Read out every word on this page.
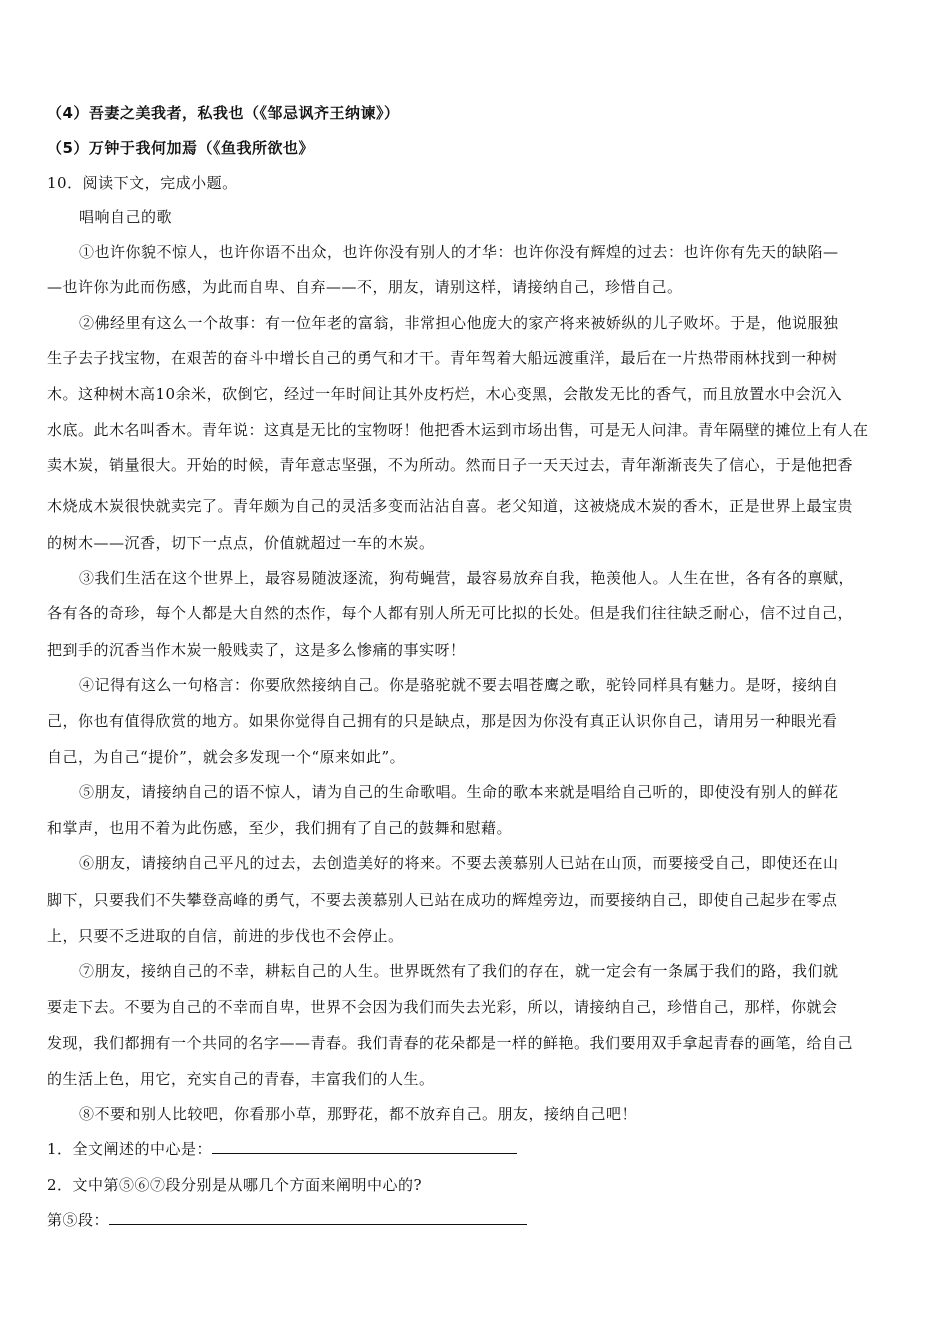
（4）吾妻之美我者，私我也（《邹忌讽齐王纳谏》）
（5）万钟于我何加焉（《鱼我所欲也》
10．阅读下文，完成小题。
唱响自己的歌
①也许你貌不惊人，也许你语不出众，也许你没有别人的才华：也许你没有辉煌的过去：也许你有先天的缺陷—
—也许你为此而伤感，为此而自卑、自弃——不，朋友，请别这样，请接纳自己，珍惜自己。
②佛经里有这么一个故事：有一位年老的富翁，非常担心他庞大的家产将来被娇纵的儿子败坏。于是，他说服独
生子去子找宝物，在艰苦的奋斗中增长自己的勇气和才干。青年驾着大船远渡重洋，最后在一片热带雨林找到一种树
木。这种树木高10余米，砍倒它，经过一年时间让其外皮朽烂，木心变黑，会散发无比的香气，而且放置水中会沉入
水底。此木名叫香木。青年说：这真是无比的宝物呀！他把香木运到市场出售，可是无人问津。青年隔壁的摊位上有人在
卖木炭，销量很大。开始的时候，青年意志坚强，不为所动。然而日子一天天过去，青年渐渐丧失了信心，于是他把香
木烧成木炭很快就卖完了。青年颇为自己的灵活多变而沾沾自喜。老父知道，这被烧成木炭的香木，正是世界上最宝贵
的树木——沉香，切下一点点，价值就超过一车的木炭。
③我们生活在这个世界上，最容易随波逐流，狗苟蝇营，最容易放弃自我，艳羡他人。人生在世，各有各的禀赋，
各有各的奇珍，每个人都是大自然的杰作，每个人都有别人所无可比拟的长处。但是我们往往缺乏耐心，信不过自己，
把到手的沉香当作木炭一般贱卖了，这是多么惨痛的事实呀！
④记得有这么一句格言：你要欣然接纳自己。你是骆驼就不要去唱苍鹰之歌，驼铃同样具有魅力。是呀，接纳自
己，你也有值得欣赏的地方。如果你觉得自己拥有的只是缺点，那是因为你没有真正认识你自己，请用另一种眼光看
自己，为自己“提价”，就会多发现一个“原来如此”。
⑤朋友，请接纳自己的语不惊人，请为自己的生命歌唱。生命的歌本来就是唱给自己听的，即使没有别人的鲜花
和掌声，也用不着为此伤感，至少，我们拥有了自己的鼓舞和慰藉。
⑥朋友，请接纳自己平凡的过去，去创造美好的将来。不要去羡慕别人已站在山顶，而要接受自己，即使还在山
脚下，只要我们不失攀登高峰的勇气，不要去羡慕别人已站在成功的辉煌旁边，而要接纳自己，即使自己起步在零点
上，只要不乏进取的自信，前进的步伐也不会停止。
⑦朋友，接纳自己的不幸，耕耘自己的人生。世界既然有了我们的存在，就一定会有一条属于我们的路，我们就
要走下去。不要为自己的不幸而自卑，世界不会因为我们而失去光彩，所以，请接纳自己，珍惜自己，那样，你就会
发现，我们都拥有一个共同的名字——青春。我们青春的花朵都是一样的鲜艳。我们要用双手拿起青春的画笔，给自己
的生活上色，用它，充实自己的青春，丰富我们的人生。
⑧不要和别人比较吧，你看那小草，那野花，都不放弃自己。朋友，接纳自己吧！
1．全文阐述的中心是：
2．文中第⑤⑥⑦段分别是从哪几个方面来阐明中心的?
第⑤段：
